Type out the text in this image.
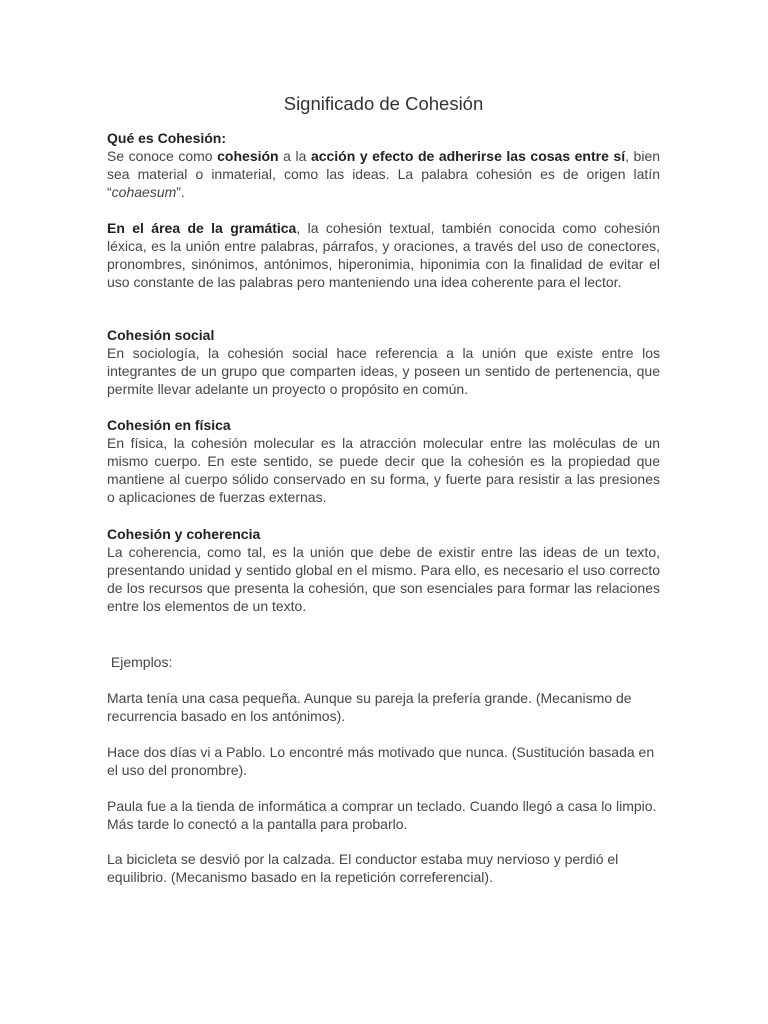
Significado de Cohesión
Qué es Cohesión:
Se conoce como cohesión a la acción y efecto de adherirse las cosas entre sí, bien sea material o inmaterial, como las ideas. La palabra cohesión es de origen latín “cohaesum”.
En el área de la gramática, la cohesión textual, también conocida como cohesión léxica, es la unión entre palabras, párrafos, y oraciones, a través del uso de conectores, pronombres, sinónimos, antónimos, hiperonimia, hiponimia con la finalidad de evitar el uso constante de las palabras pero manteniendo una idea coherente para el lector.
Cohesión social
En sociología, la cohesión social hace referencia a la unión que existe entre los integrantes de un grupo que comparten ideas, y poseen un sentido de pertenencia, que permite llevar adelante un proyecto o propósito en común.
Cohesión en física
En física, la cohesión molecular es la atracción molecular entre las moléculas de un mismo cuerpo. En este sentido, se puede decir que la cohesión es la propiedad que mantiene al cuerpo sólido conservado en su forma, y fuerte para resistir a las presiones o aplicaciones de fuerzas externas.
Cohesión y coherencia
La coherencia, como tal, es la unión que debe de existir entre las ideas de un texto, presentando unidad y sentido global en el mismo. Para ello, es necesario el uso correcto de los recursos que presenta la cohesión, que son esenciales para formar las relaciones entre los elementos de un texto.
Ejemplos:
Marta tenía una casa pequeña. Aunque su pareja la prefería grande. (Mecanismo de recurrencia basado en los antónimos).
Hace dos días vi a Pablo. Lo encontré más motivado que nunca. (Sustitución basada en el uso del pronombre).
Paula fue a la tienda de informática a comprar un teclado. Cuando llegó a casa lo limpio. Más tarde lo conectó a la pantalla para probarlo.
La bicicleta se desvió por la calzada. El conductor estaba muy nervioso y perdió el equilibrio. (Mecanismo basado en la repetición correferencial).
